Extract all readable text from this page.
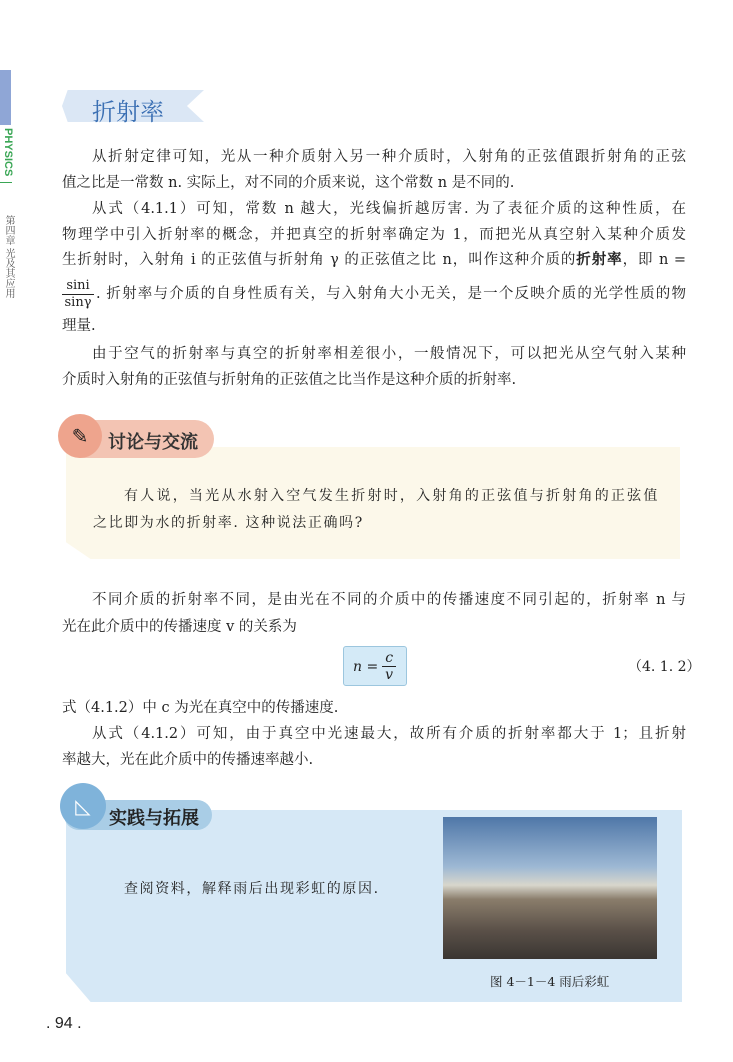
PHYSICS
第四章 光及其应用
折射率
从折射定律可知，光从一种介质射入另一种介质时，入射角的正弦值跟折射角的正弦
值之比是一常数 n. 实际上，对不同的介质来说，这个常数 n 是不同的.
从式（4.1.1）可知，常数 n 越大，光线偏折越厉害. 为了表征介质的这种性质，在
物理学中引入折射率的概念，并把真空的折射率确定为 1，而把光从真空射入某种介质发
生折射时，入射角 i 的正弦值与折射角 γ 的正弦值之比 n，叫作这种介质的折射率，即 n =
$\frac{\sin i}{\sin\gamma}$ . 折射率与介质的自身性质有关，与入射角大小无关，是一个反映介质的光学性质的物
理量.
由于空气的折射率与真空的折射率相差很小，一般情况下，可以把光从空气射入某种
介质时入射角的正弦值与折射角的正弦值之比当作是这种介质的折射率.
✎	讨论与交流
有人说，当光从水射入空气发生折射时，入射角的正弦值与折射角的正弦值
之比即为水的折射率. 这种说法正确吗?
不同介质的折射率不同，是由光在不同的介质中的传播速度不同引起的，折射率 n 与
光在此介质中的传播速度 v 的关系为
$n = \frac{c}{v}$	（4. 1. 2）
式（4.1.2）中 c 为光在真空中的传播速度.
从式（4.1.2）可知，由于真空中光速最大，故所有介质的折射率都大于 1；且折射
率越大，光在此介质中的传播速率越小.
◺
实践与拓展
查阅资料，解释雨后出现彩虹的原因.
图 4－1－4 雨后彩虹
. 94 .
